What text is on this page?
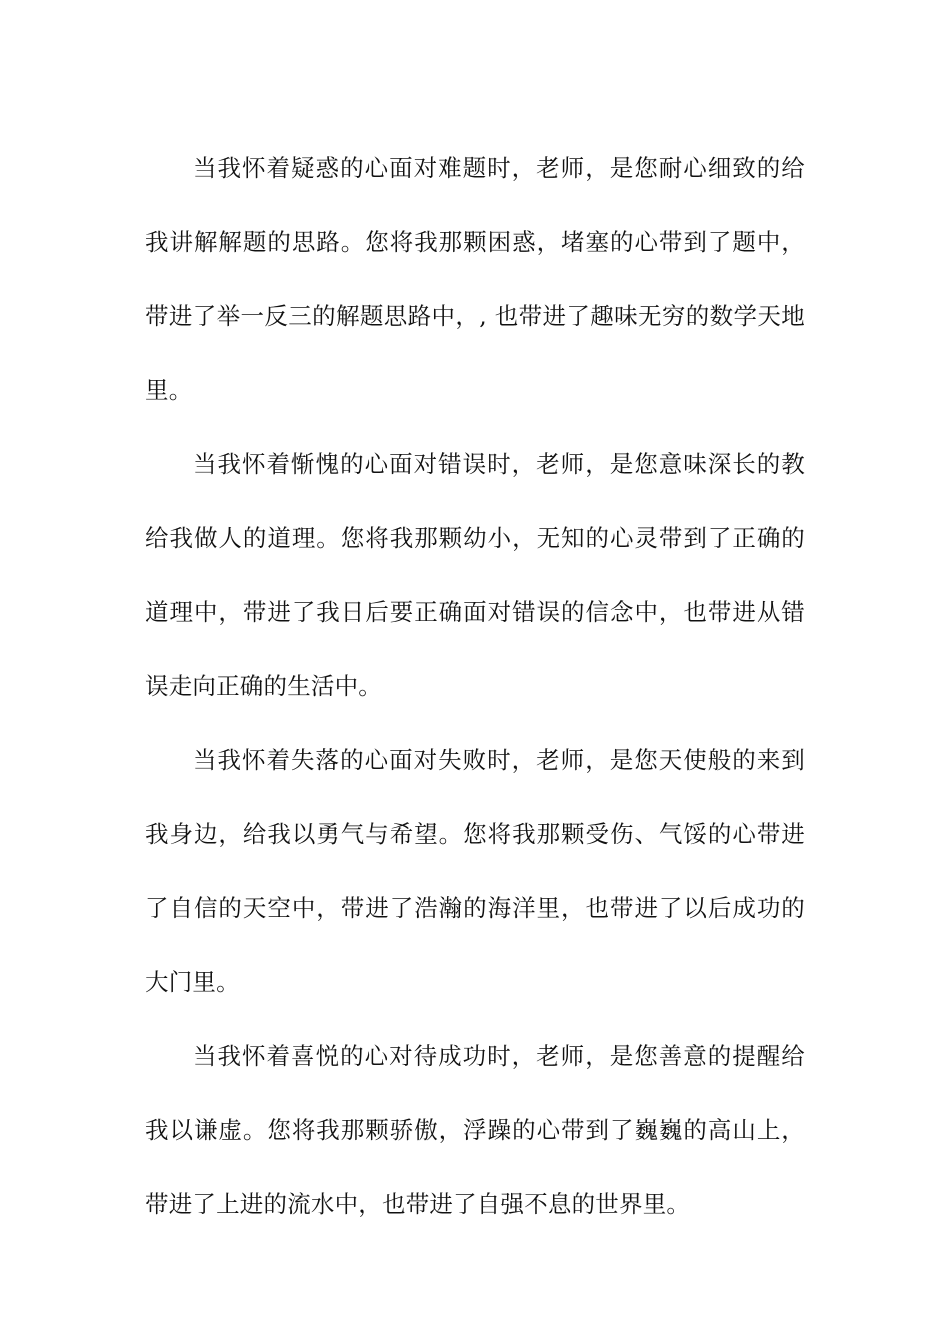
当我怀着疑惑的心面对难题时，老师，是您耐心细致的给我讲解解题的思路。您将我那颗困惑，堵塞的心带到了题中，带进了举一反三的解题思路中，, 也带进了趣味无穷的数学天地里。

当我怀着惭愧的心面对错误时，老师，是您意味深长的教给我做人的道理。您将我那颗幼小，无知的心灵带到了正确的道理中，带进了我日后要正确面对错误的信念中，也带进从错误走向正确的生活中。

当我怀着失落的心面对失败时，老师，是您天使般的来到我身边，给我以勇气与希望。您将我那颗受伤、气馁的心带进了自信的天空中，带进了浩瀚的海洋里，也带进了以后成功的大门里。

当我怀着喜悦的心对待成功时，老师，是您善意的提醒给我以谦虚。您将我那颗骄傲，浮躁的心带到了巍巍的高山上，带进了上进的流水中，也带进了自强不息的世界里。
